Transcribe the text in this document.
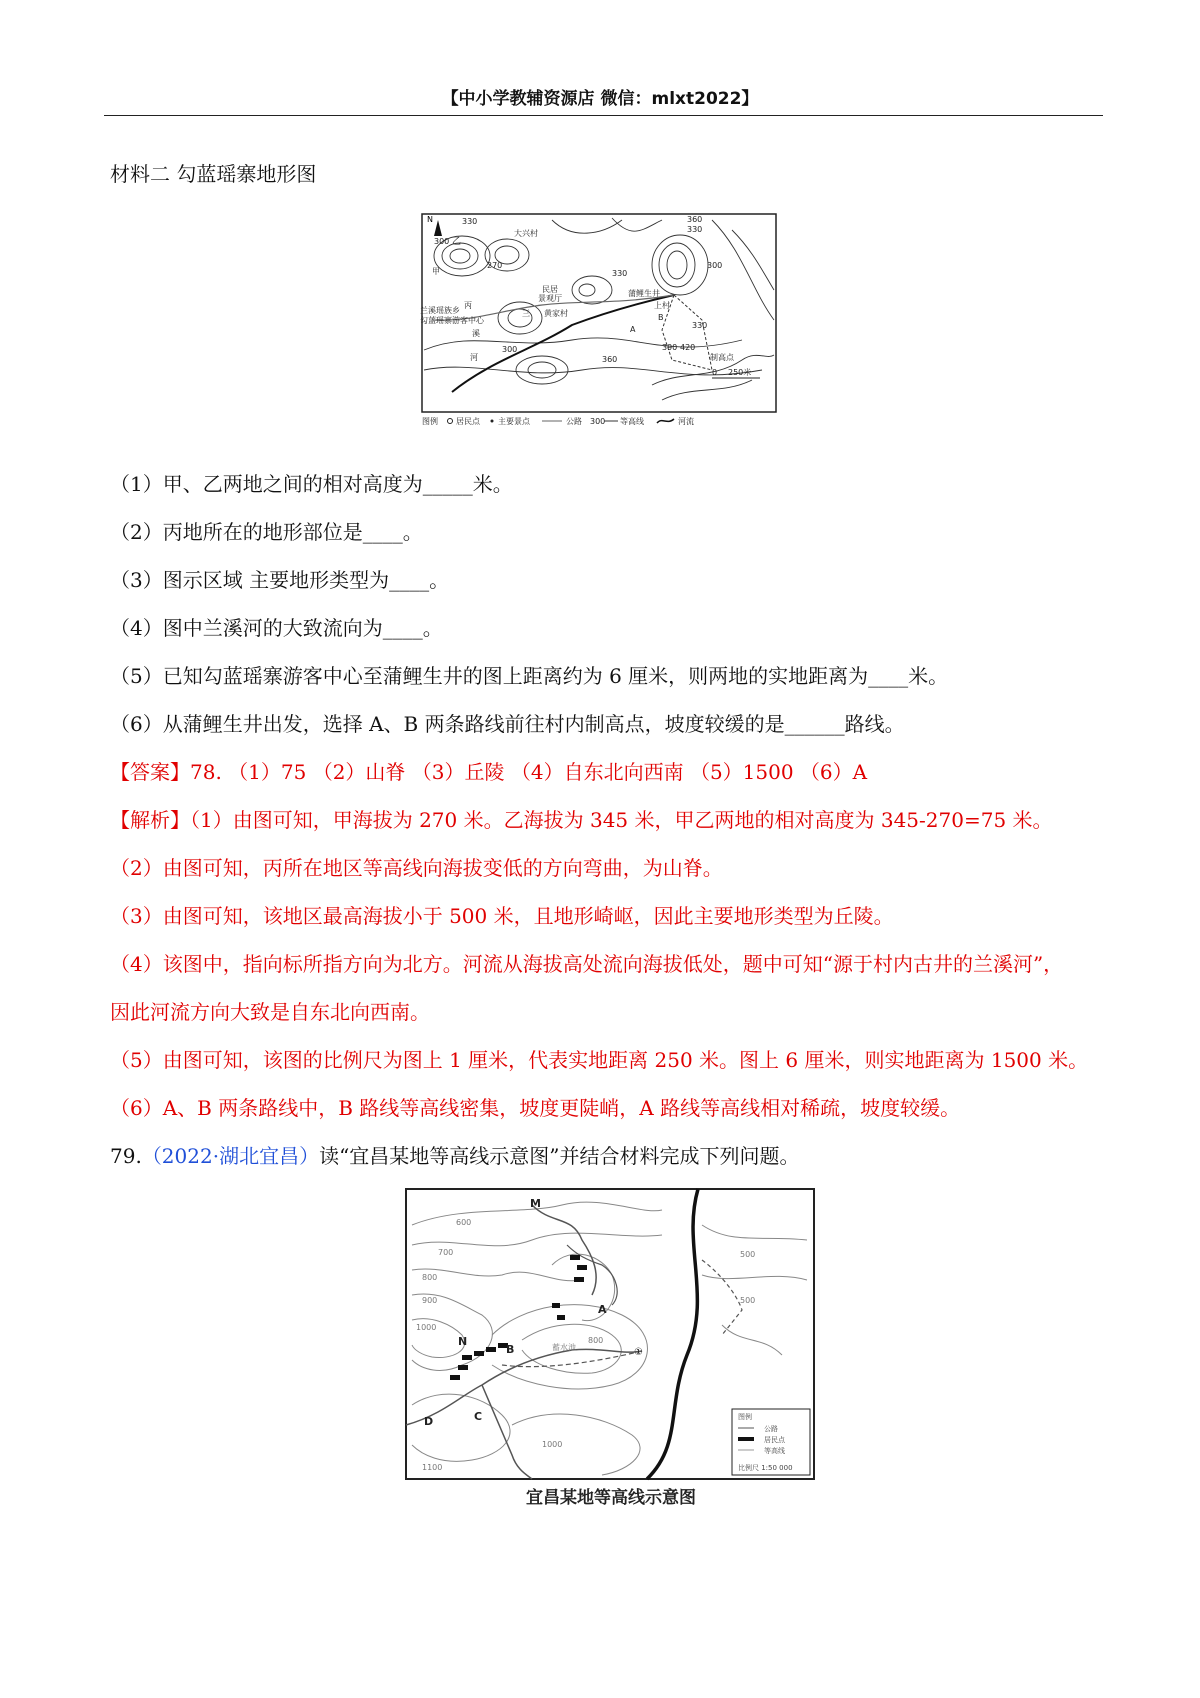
【中小学教辅资源店 微信：mlxt2022】
材料二 勾蓝瑶寨地形图
N	330
300 乙
270
大兴村
360
330
300
330
甲
丙
兰溪瑶族乡
勾蓝瑶寨游客中心
民居
景观厅
三 黄家村
蒲鲤生井
上村
A
B
330
300
360
390 420
制高点
溪
河
0 250米
图例 居民点 主要景点	公路 300 等高线	河流
（1）甲、乙两地之间的相对高度为_____米。
（2）丙地所在的地形部位是____。
（3）图示区域 主要地形类型为____。
（4）图中兰溪河的大致流向为____。
（5）已知勾蓝瑶寨游客中心至蒲鲤生井的图上距离约为 6 厘米，则两地的实地距离为____米。
（6）从蒲鲤生井出发，选择 A、B 两条路线前往村内制高点，坡度较缓的是______路线。
【答案】78. （1）75 （2）山脊 （3）丘陵 （4）自东北向西南 （5）1500 （6）A
【解析】（1）由图可知，甲海拔为 270 米。乙海拔为 345 米，甲乙两地的相对高度为 345-270=75 米。
（2）由图可知，丙所在地区等高线向海拔变低的方向弯曲，为山脊。
（3）由图可知，该地区最高海拔小于 500 米，且地形崎岖，因此主要地形类型为丘陵。
（4）该图中，指向标所指方向为北方。河流从海拔高处流向海拔低处，题中可知“源于村内古井的兰溪河”，
因此河流方向大致是自东北向西南。
（5）由图可知，该图的比例尺为图上 1 厘米，代表实地距离 250 米。图上 6 厘米，则实地距离为 1500 米。
（6）A、B 两条路线中，B 路线等高线密集，坡度更陡峭，A 路线等高线相对稀疏，坡度较缓。
79.（2022·湖北宜昌）读“宜昌某地等高线示意图”并结合材料完成下列问题。
M
N
A
B
C
D
①
600
700
800
900
1000
1000
1100
500
500
蓄水池
800
图例
公路
居民点
等高线
比例尺 1:50 000
宜昌某地等高线示意图
